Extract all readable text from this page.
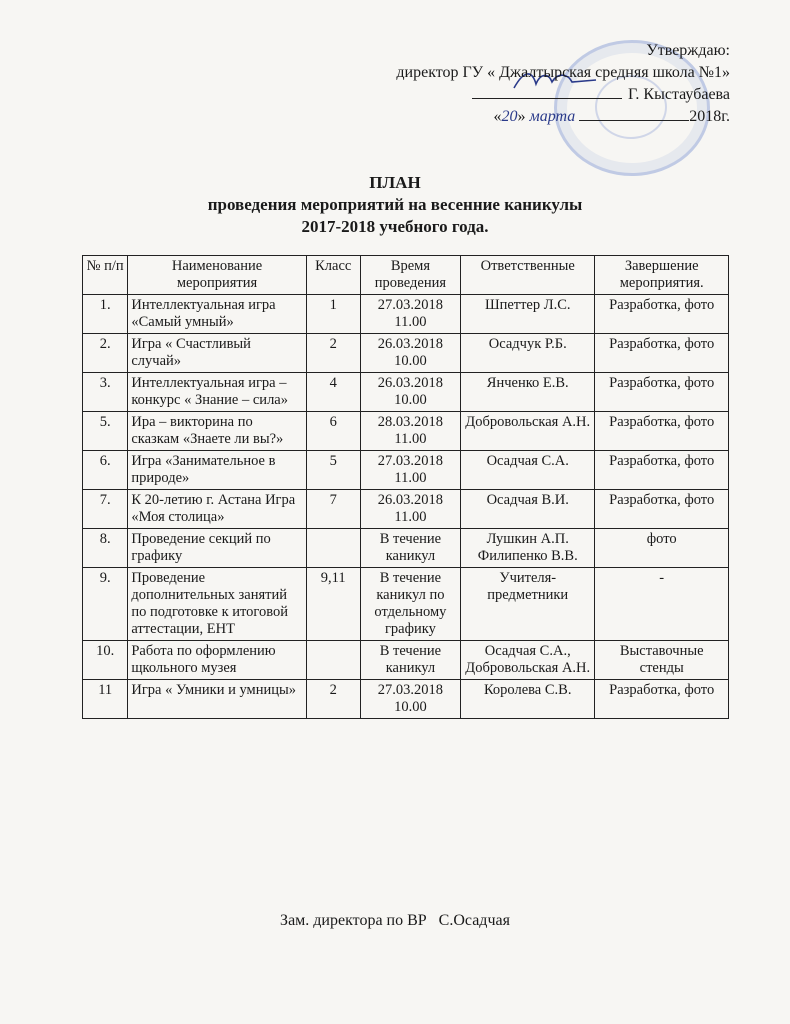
Утверждаю:
директор ГУ « Джалтырская средняя школа №1»
Г. Кыстаубаева
«20» марта	2018г.
ПЛАН
проведения мероприятий на весенние каникулы
2017-2018 учебного года.
№ п/п	Наименование мероприятия	Класс	Время проведения	Ответственные	Завершение мероприятия.
1.	Интеллектуальная игра «Самый умный»	1	27.03.2018 11.00	Шпеттер Л.С.	Разработка, фото
2.	Игра « Счастливый случай»	2	26.03.2018 10.00	Осадчук Р.Б.	Разработка, фото
3.	Интеллектуальная игра – конкурс « Знание – сила»	4	26.03.2018 10.00	Янченко Е.В.	Разработка, фото
5.	Ира – викторина по сказкам «Знаете ли вы?»	6	28.03.2018 11.00	Добровольская А.Н.	Разработка, фото
6.	Игра «Занимательное в природе»	5	27.03.2018 11.00	Осадчая С.А.	Разработка, фото
7.	К 20-летию г. Астана Игра «Моя столица»	7	26.03.2018 11.00	Осадчая В.И.	Разработка, фото
8.	Проведение секций по графику		В течение каникул	Лушкин А.П. Филипенко В.В.	фото
9.	Проведение дополнительных занятий по подготовке к итоговой аттестации, ЕНТ	9,11	В течение каникул по отдельному графику	Учителя-предметники	-
10.	Работа по оформлению щкольного музея		В течение каникул	Осадчая С.А., Добровольская А.Н.	Выставочные стенды
11	Игра « Умники и умницы»	2	27.03.2018 10.00	Королева С.В.	Разработка, фото
Зам. директора по ВР С.Осадчая
